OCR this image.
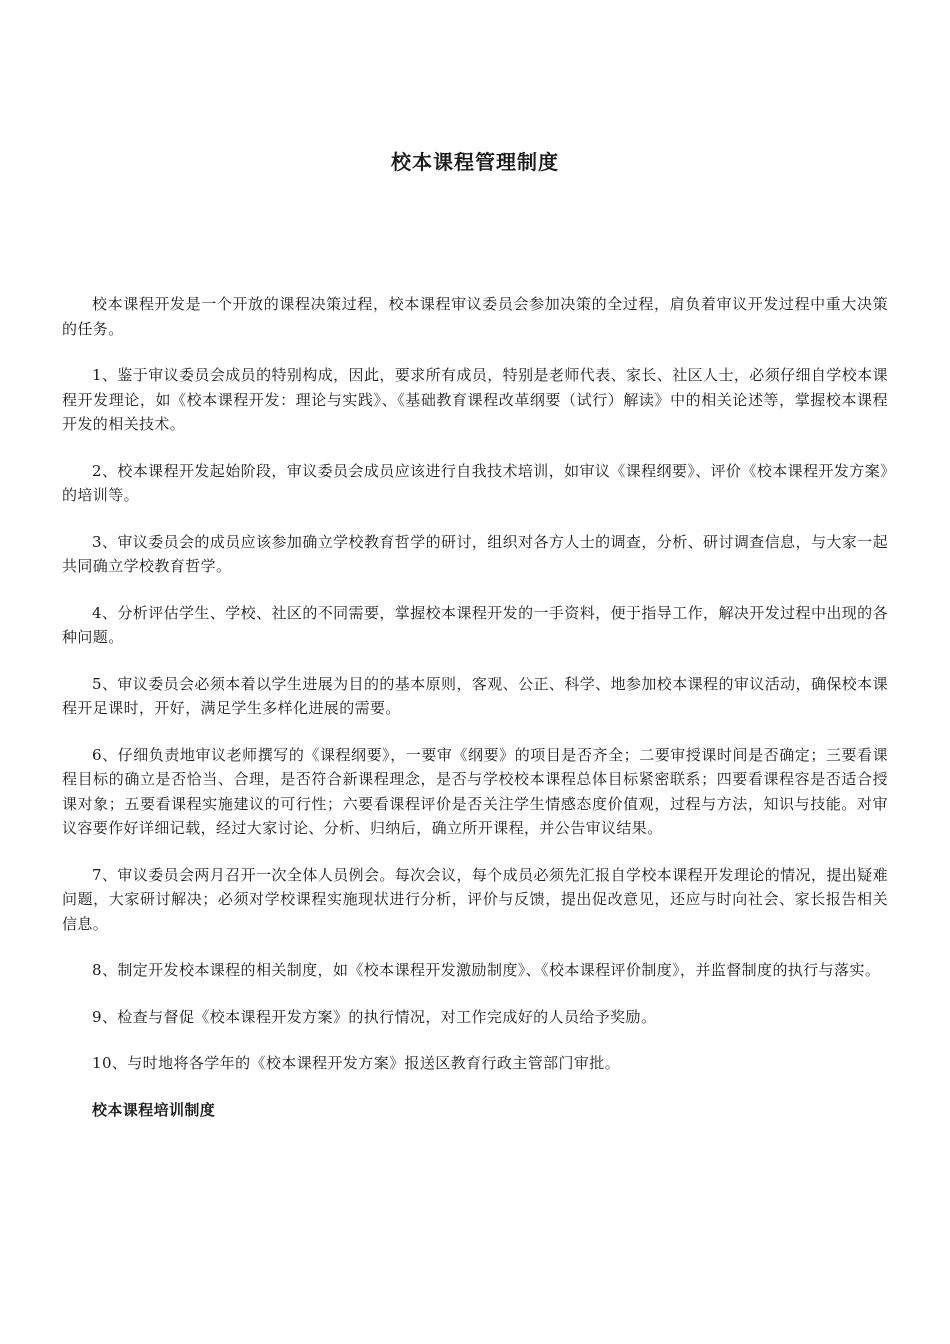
校本课程管理制度

校本课程开发是一个开放的课程决策过程，校本课程审议委员会参加决策的全过程，肩负着审议开发过程中重大决策的任务。

1、鉴于审议委员会成员的特别构成，因此，要求所有成员，特别是老师代表、家长、社区人士，必须仔细自学校本课程开发理论，如《校本课程开发：理论与实践》、《基础教育课程改革纲要（试行）解读》中的相关论述等，掌握校本课程开发的相关技术。

2、校本课程开发起始阶段，审议委员会成员应该进行自我技术培训，如审议《课程纲要》、评价《校本课程开发方案》的培训等。

3、审议委员会的成员应该参加确立学校教育哲学的研讨，组织对各方人士的调查，分析、研讨调查信息，与大家一起共同确立学校教育哲学。

4、分析评估学生、学校、社区的不同需要，掌握校本课程开发的一手资料，便于指导工作，解决开发过程中出现的各种问题。

5、审议委员会必须本着以学生进展为目的的基本原则，客观、公正、科学、地参加校本课程的审议活动，确保校本课程开足课时，开好，满足学生多样化进展的需要。

6、仔细负责地审议老师撰写的《课程纲要》，一要审《纲要》的项目是否齐全；二要审授课时间是否确定；三要看课程目标的确立是否恰当、合理，是否符合新课程理念，是否与学校校本课程总体目标紧密联系；四要看课程容是否适合授课对象；五要看课程实施建议的可行性；六要看课程评价是否关注学生情感态度价值观，过程与方法，知识与技能。对审议容要作好详细记载，经过大家讨论、分析、归纳后，确立所开课程，并公告审议结果。

7、审议委员会两月召开一次全体人员例会。每次会议，每个成员必须先汇报自学校本课程开发理论的情况，提出疑难问题，大家研讨解决；必须对学校课程实施现状进行分析，评价与反馈，提出促改意见，还应与时向社会、家长报告相关信息。

8、制定开发校本课程的相关制度，如《校本课程开发激励制度》、《校本课程评价制度》，并监督制度的执行与落实。

9、检查与督促《校本课程开发方案》的执行情况，对工作完成好的人员给予奖励。

10、与时地将各学年的《校本课程开发方案》报送区教育行政主管部门审批。

校本课程培训制度
